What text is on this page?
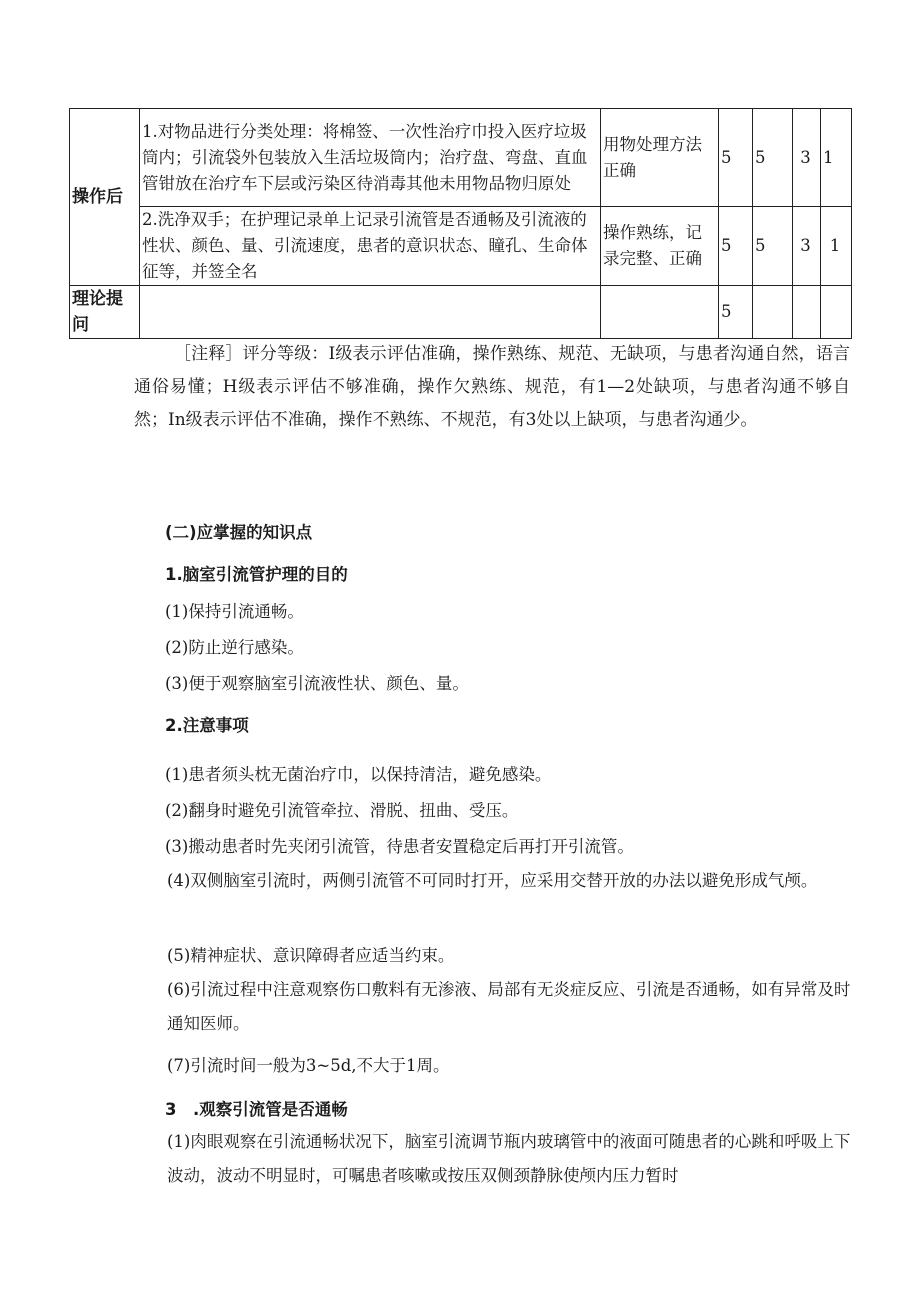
操作后	1.对物品进行分类处理：将棉签、一次性治疗巾投入医疗垃圾筒内；引流袋外包装放入生活垃圾筒内；治疗盘、弯盘、直血管钳放在治疗车下层或污染区待消毒其他未用物品物归原处	用物处理方法正确	5	5	3	1
	2.洗净双手；在护理记录单上记录引流管是否通畅及引流液的性状、颜色、量、引流速度，患者的意识状态、瞳孔、生命体征等，并签全名	操作熟练，记录完整、正确	5	5	3	1
理论提问			5			
［注释］评分等级：I级表示评估准确，操作熟练、规范、无缺项，与患者沟通自然，语言通俗易懂；H级表示评估不够准确，操作欠熟练、规范，有1—2处缺项，与患者沟通不够自然；In级表示评估不准确，操作不熟练、不规范，有3处以上缺项，与患者沟通少。
(二)应掌握的知识点
1.脑室引流管护理的目的
(1)保持引流通畅。
(2)防止逆行感染。
(3)便于观察脑室引流液性状、颜色、量。
2.注意事项
(1)患者须头枕无菌治疗巾，以保持清洁，避免感染。
(2)翻身时避免引流管牵拉、滑脱、扭曲、受压。
(3)搬动患者时先夹闭引流管，待患者安置稳定后再打开引流管。
(4)双侧脑室引流时，两侧引流管不可同时打开，应采用交替开放的办法以避免形成气颅。
(5)精神症状、意识障碍者应适当约束。
(6)引流过程中注意观察伤口敷料有无渗液、局部有无炎症反应、引流是否通畅，如有异常及时通知医师。
(7)引流时间一般为3~5d,不大于1周。
3　.观察引流管是否通畅
(1)肉眼观察在引流通畅状况下，脑室引流调节瓶内玻璃管中的液面可随患者的心跳和呼吸上下波动，波动不明显时，可嘱患者咳嗽或按压双侧颈静脉使颅内压力暂时
